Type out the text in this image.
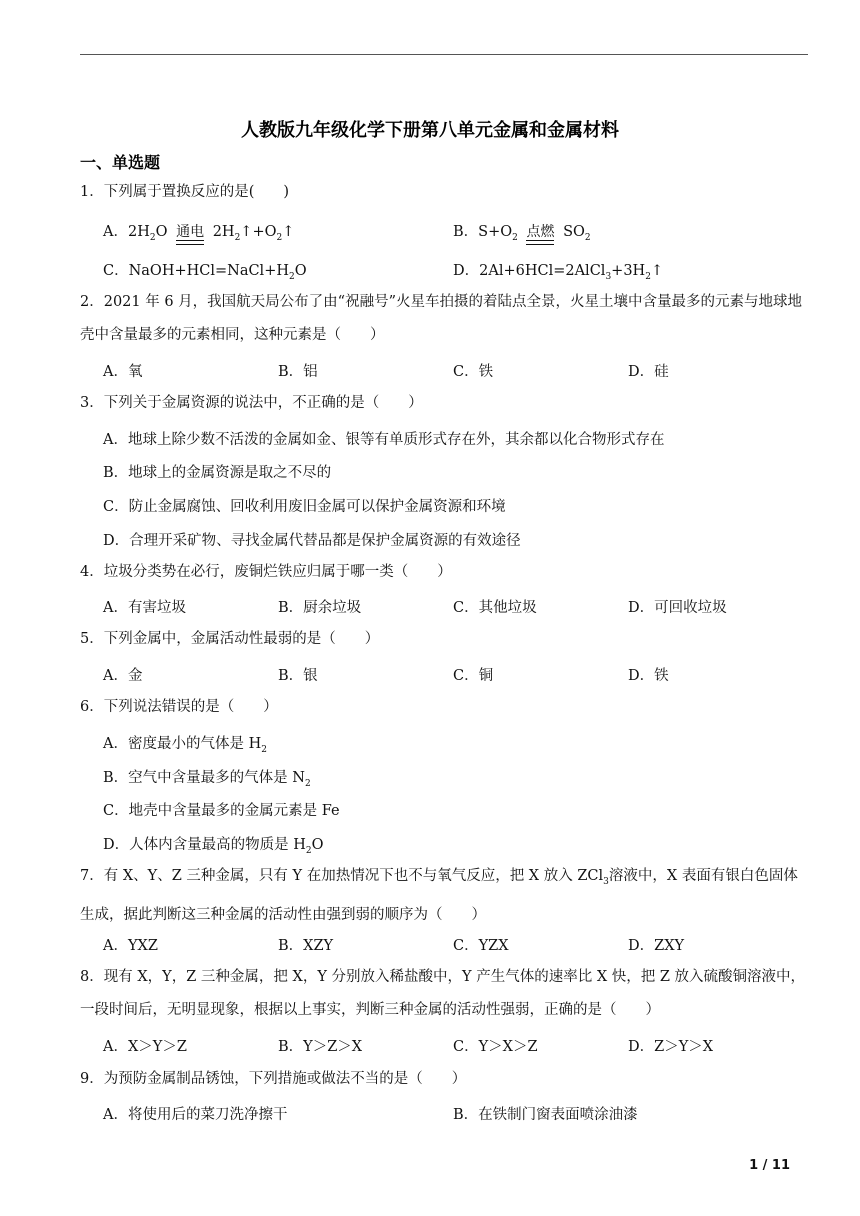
人教版九年级化学下册第八单元金属和金属材料
一、单选题
1．下列属于置换反应的是(　　)
A．$2H_2O$ 通电 $2H_2↑+O_2↑$	B．$S+O_2$ 点燃 $SO_2$
C．$NaOH+HCl=NaCl+H_2O$	D．$2Al+6HCl=2AlCl_3+3H_2↑$
2．2021 年 6 月，我国航天局公布了由“祝融号”火星车拍摄的着陆点全景，火星土壤中含量最多的元素与地球地壳中含量最多的元素相同，这种元素是（　　）
A．氧	B．铝	C．铁	D．硅
3．下列关于金属资源的说法中，不正确的是（　　）
A．地球上除少数不活泼的金属如金、银等有单质形式存在外，其余都以化合物形式存在
B．地球上的金属资源是取之不尽的
C．防止金属腐蚀、回收利用废旧金属可以保护金属资源和环境
D．合理开采矿物、寻找金属代替品都是保护金属资源的有效途径
4．垃圾分类势在必行，废铜烂铁应归属于哪一类（　　）
A．有害垃圾	B．厨余垃圾	C．其他垃圾	D．可回收垃圾
5．下列金属中，金属活动性最弱的是（　　）
A．金	B．银	C．铜	D．铁
6．下列说法错误的是（　　）
A．密度最小的气体是 $H_2$
B．空气中含量最多的气体是 $N_2$
C．地壳中含量最多的金属元素是 Fe
D．人体内含量最高的物质是 $H_2O$
7．有 X、Y、Z 三种金属，只有 Y 在加热情况下也不与氧气反应，把 X 放入 ZCl$_3$溶液中，X 表面有银白色固体生成，据此判断这三种金属的活动性由强到弱的顺序为（　　）
A．YXZ	B．XZY	C．YZX	D．ZXY
8．现有 X，Y，Z 三种金属，把 X，Y 分别放入稀盐酸中，Y 产生气体的速率比 X 快，把 Z 放入硫酸铜溶液中，一段时间后，无明显现象，根据以上事实，判断三种金属的活动性强弱，正确的是（　　）
A．X＞Y＞Z	B．Y＞Z＞X	C．Y＞X＞Z	D．Z＞Y＞X
9．为预防金属制品锈蚀，下列措施或做法不当的是（　　）
A．将使用后的菜刀洗净擦干	B．在铁制门窗表面喷涂油漆
1 / 11
